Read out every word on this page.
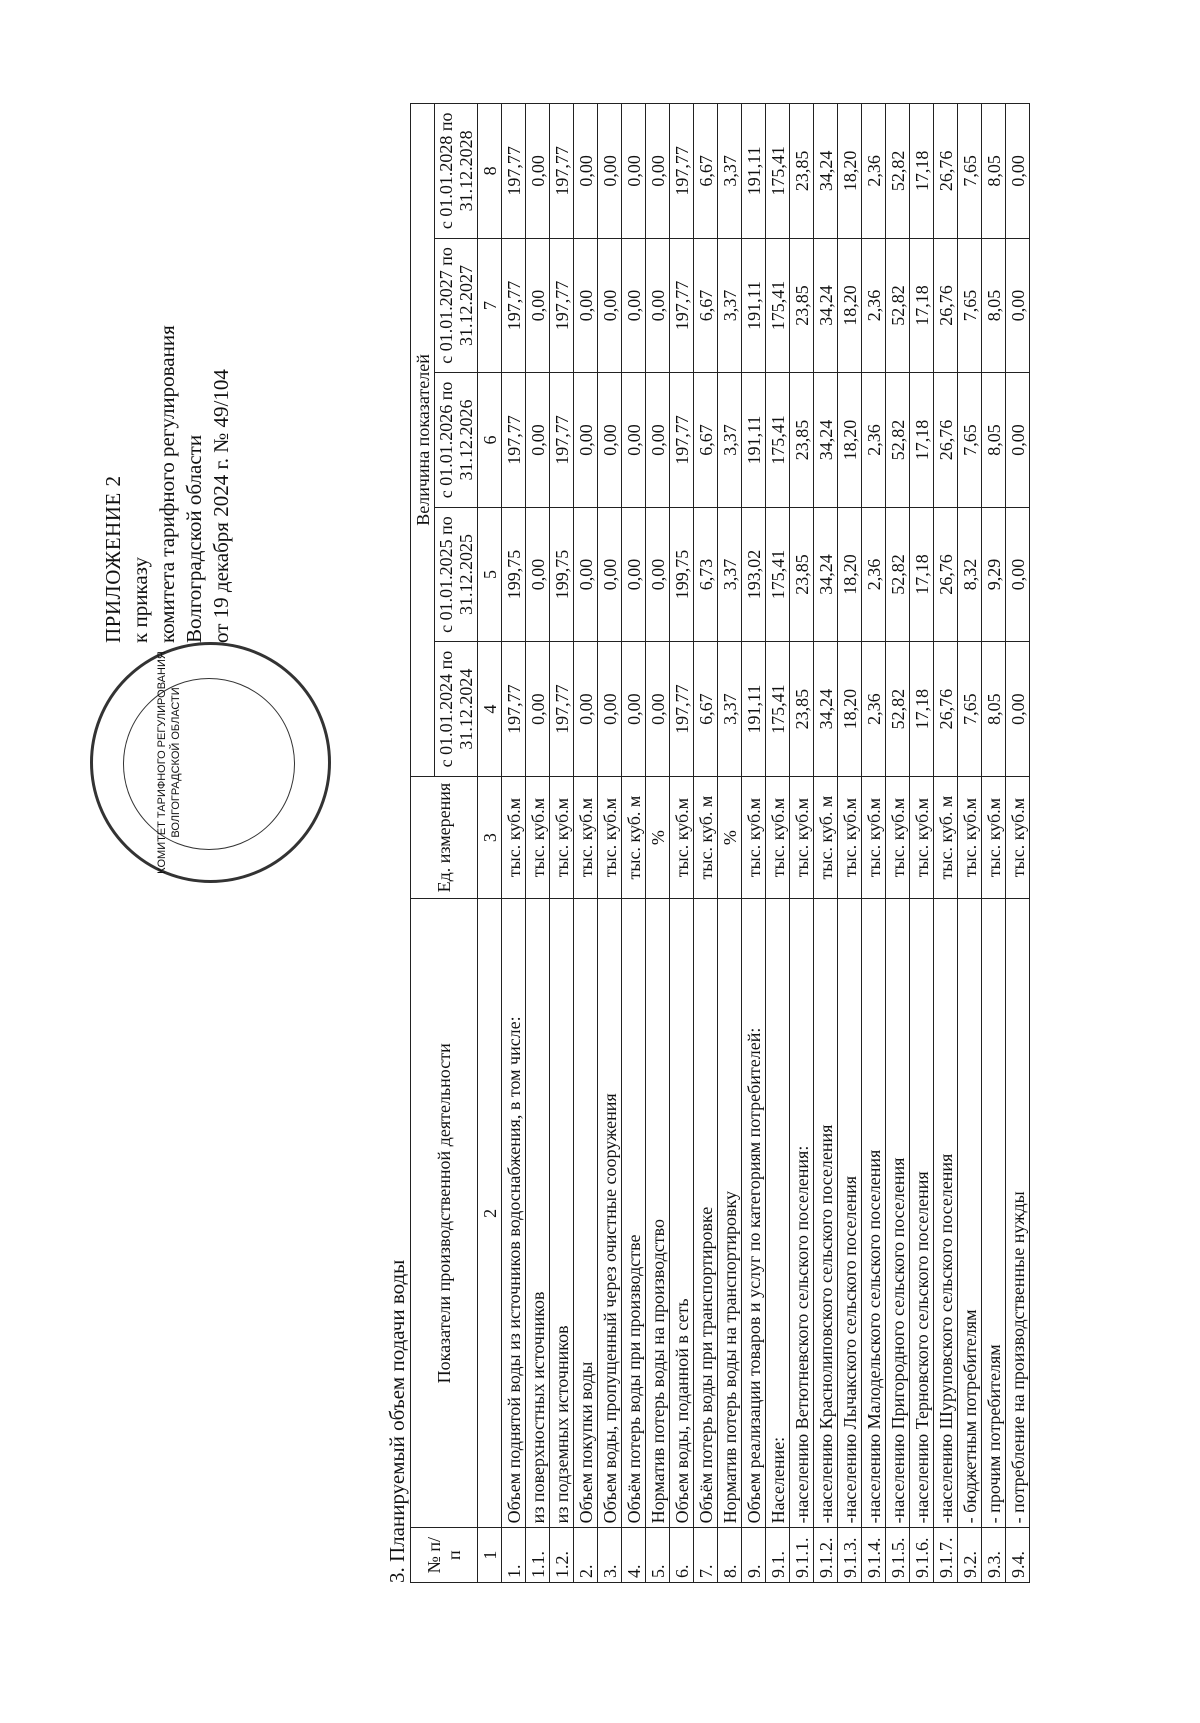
КОМИТЕТ ТАРИФНОГО РЕГУЛИРОВАНИЯ ВОЛГОГРАДСКОЙ ОБЛАСТИ
ПРИЛОЖЕНИЕ 2 к приказу комитета тарифного регулирования Волгоградской области от 19 декабря 2024 г. № 49/104
3. Планируемый объем подачи воды № п/п	Показатели производственной деятельности	Ед. измерения	Величина показателей				
			с 01.01.2024 по 31.12.2024	с 01.01.2025 по 31.12.2025	с 01.01.2026 по 31.12.2026	с 01.01.2027 по 31.12.2027	с 01.01.2028 по 31.12.2028
1	2	3	4	5	6	7	8
1.	Объем поднятой воды из источников водоснабжения, в том числе:	тыс. куб.м	197,77	199,75	197,77	197,77	197,77
1.1.	из поверхностных источников	тыс. куб.м	0,00	0,00	0,00	0,00	0,00
1.2.	из подземных источников	тыс. куб.м	197,77	199,75	197,77	197,77	197,77
2.	Объем покупки воды	тыс. куб.м	0,00	0,00	0,00	0,00	0,00
3.	Объем воды, пропущенный через очистные сооружения	тыс. куб.м	0,00	0,00	0,00	0,00	0,00
4.	Объём потерь воды при производстве	тыс. куб. м	0,00	0,00	0,00	0,00	0,00
5.	Норматив потерь воды на производство	%	0,00	0,00	0,00	0,00	0,00
6.	Объем воды, поданной в сеть	тыс. куб.м	197,77	199,75	197,77	197,77	197,77
7.	Объём потерь воды при транспортировке	тыс. куб. м	6,67	6,73	6,67	6,67	6,67
8.	Норматив потерь воды на транспортировку	%	3,37	3,37	3,37	3,37	3,37
9.	Объем реализации товаров и услуг по категориям потребителей:	тыс. куб.м	191,11	193,02	191,11	191,11	191,11
9.1.	Население:	тыс. куб.м	175,41	175,41	175,41	175,41	175,41
9.1.1.	-населению Ветютневского сельского поселения:	тыс. куб.м	23,85	23,85	23,85	23,85	23,85
9.1.2.	-населению Краснолиповского сельского поселения	тыс. куб. м	34,24	34,24	34,24	34,24	34,24
9.1.3.	-населению Лычакского сельского поселения	тыс. куб.м	18,20	18,20	18,20	18,20	18,20
9.1.4.	-населению Малодельского сельского поселения	тыс. куб.м	2,36	2,36	2,36	2,36	2,36
9.1.5.	-населению Пригородного сельского поселения	тыс. куб.м	52,82	52,82	52,82	52,82	52,82
9.1.6.	-населению Терновского сельского поселения	тыс. куб.м	17,18	17,18	17,18	17,18	17,18
9.1.7.	-населению Шуруповского сельского поселения	тыс. куб. м	26,76	26,76	26,76	26,76	26,76
9.2.	- бюджетным потребителям	тыс. куб.м	7,65	8,32	7,65	7,65	7,65
9.3.	- прочим потребителям	тыс. куб.м	8,05	9,29	8,05	8,05	8,05
9.4.	- потребление на производственные нужды	тыс. куб.м	0,00	0,00	0,00	0,00	0,00
